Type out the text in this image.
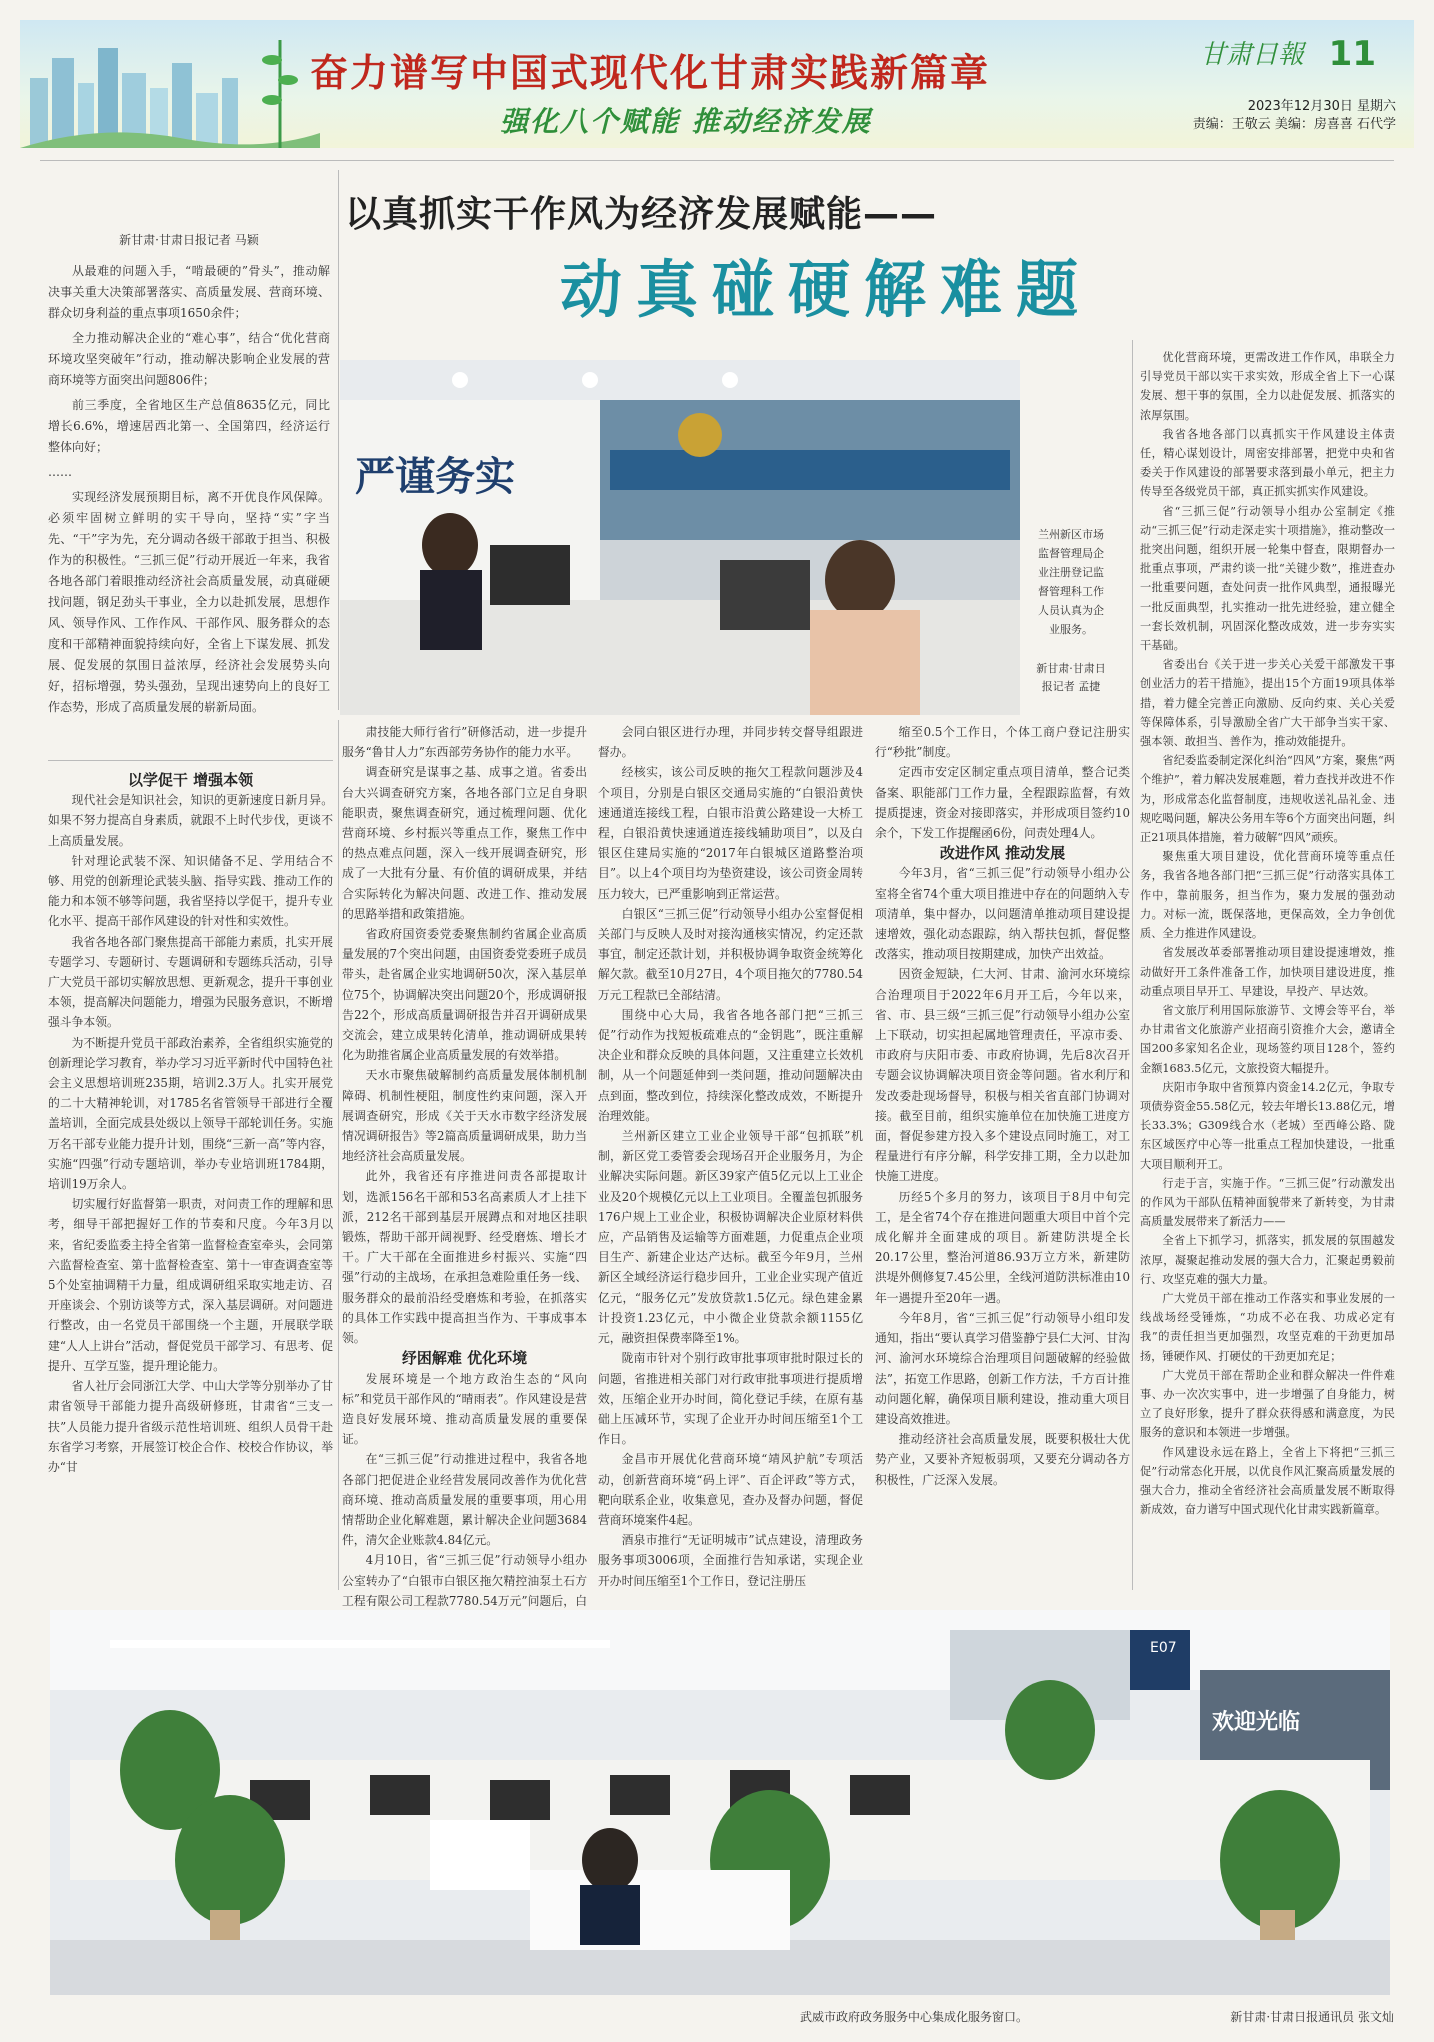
奋力谱写中国式现代化甘肃实践新篇章
强化八个赋能 推动经济发展
甘肃日報 11
2023年12月30日 星期六
责编：王敬云 美编：房喜喜 石代学

新甘肃·甘肃日报记者 马颖

从最难的问题入手，“啃最硬的”骨头”，推动解决事关重大决策部署落实、高质量发展、营商环境、群众切身利益的重点事项1650余件；

全力推动解决企业的“难心事”，结合“优化营商环境攻坚突破年”行动，推动解决影响企业发展的营商环境等方面突出问题806件；

前三季度，全省地区生产总值8635亿元，同比增长6.6%，增速居西北第一、全国第四，经济运行整体向好；

……

实现经济发展预期目标，离不开优良作风保障。必须牢固树立鲜明的实干导向，坚持“实”字当先、“干”字为先，充分调动各级干部敢于担当、积极作为的积极性。“三抓三促”行动开展近一年来，我省各地各部门着眼推动经济社会高质量发展，动真碰硬找问题，钢足劲头干事业，全力以赴抓发展，思想作风、领导作风、工作作风、干部作风、服务群众的态度和干部精神面貌持续向好，全省上下谋发展、抓发展、促发展的氛围日益浓厚，经济社会发展势头向好，招标增强，势头强劲，呈现出速势向上的良好工作态势，形成了高质量发展的崭新局面。

以真抓实干作风为经济发展赋能——
动真碰硬解难题
严谨务实
兰州新区市场监督管理局企业注册登记监督管理科工作人员认真为企业服务。
新甘肃·甘肃日报记者 孟捷

以学促干 增强本领

现代社会是知识社会，知识的更新速度日新月异。如果不努力提高自身素质，就跟不上时代步伐，更谈不上高质量发展。

针对理论武装不深、知识储备不足、学用结合不够、用党的创新理论武装头脑、指导实践、推动工作的能力和本领不够等问题，我省坚持以学促干，提升专业化水平、提高干部作风建设的针对性和实效性。

我省各地各部门聚焦提高干部能力素质，扎实开展专题学习、专题研讨、专题调研和专题练兵活动，引导广大党员干部切实解放思想、更新观念，提升干事创业本领，提高解决问题能力，增强为民服务意识，不断增强斗争本领。

为不断提升党员干部政治素养，全省组织实施党的创新理论学习教育，举办学习习近平新时代中国特色社会主义思想培训班235期，培训2.3万人。扎实开展党的二十大精神轮训，对1785名省管领导干部进行全覆盖培训，全面完成县处级以上领导干部轮训任务。实施万名干部专业能力提升计划，围绕“三新一高”等内容，实施“四强”行动专题培训，举办专业培训班1784期，培训19万余人。

切实履行好监督第一职责，对问责工作的理解和思考，细导干部把握好工作的节奏和尺度。今年3月以来，省纪委监委主持全省第一监督检查室牵头，会同第六监督检查室、第十监督检查室、第十一审查调查室等5个处室抽调精干力量，组成调研组采取实地走访、召开座谈会、个别访谈等方式，深入基层调研。对问题进行整改，由一名党员干部围绕一个主题，开展联学联建“人人上讲台”活动，督促党员干部学习、有思考、促提升、互学互鉴，提升理论能力。

省人社厅会同浙江大学、中山大学等分别举办了甘肃省领导干部能力提升高级研修班，甘肃省“三支一扶”人员能力提升省级示范性培训班、组织人员骨干赴东省学习考察，开展签订校企合作、校校合作协议，举办“甘

肃技能大师行省行”研修活动，进一步提升服务“鲁甘人力”东西部劳务协作的能力水平。

调查研究是谋事之基、成事之道。省委出台大兴调查研究方案，各地各部门立足自身职能职责，聚焦调查研究，通过梳理问题、优化营商环境、乡村振兴等重点工作，聚焦工作中的热点难点问题，深入一线开展调查研究，形成了一大批有分量、有价值的调研成果，并结合实际转化为解决问题、改进工作、推动发展的思路举措和政策措施。

省政府国资委党委聚焦制约省属企业高质量发展的7个突出问题，由国资委党委班子成员带头，赴省属企业实地调研50次，深入基层单位75个，协调解决突出问题20个，形成调研报告22个，形成高质量调研报告并召开调研成果交流会，建立成果转化清单，推动调研成果转化为助推省属企业高质量发展的有效举措。

天水市聚焦破解制约高质量发展体制机制障碍、机制性梗阻，制度性约束问题，深入开展调查研究，形成《关于天水市数字经济发展情况调研报告》等2篇高质量调研成果，助力当地经济社会高质量发展。

此外，我省还有序推进问责各部提取计划，选派156名干部和53名高素质人才上挂下派，212名干部到基层开展蹲点和对地区挂职锻炼，帮助干部开阔视野、经受磨炼、增长才干。广大干部在全面推进乡村振兴、实施“四强”行动的主战场，在承担急难险重任务一线、服务群众的最前沿经受磨炼和考验，在抓落实的具体工作实践中提高担当作为、干事成事本领。

纾困解难 优化环境

发展环境是一个地方政治生态的“风向标”和党员干部作风的“晴雨表”。作风建设是营造良好发展环境、推动高质量发展的重要保证。

在“三抓三促”行动推进过程中，我省各地各部门把促进企业经营发展同改善作为优化营商环境、推动高质量发展的重要事项，用心用情帮助企业化解难题，累计解决企业问题3684件，清欠企业账款4.84亿元。

4月10日，省“三抓三促”行动领导小组办公室转办了“白银市白银区拖欠精控油泵土石方工程有限公司工程款7780.54万元”问题后，白

会同白银区进行办理，并同步转交督导组跟进督办。

经核实，该公司反映的拖欠工程款问题涉及4个项目，分别是白银区交通局实施的“白银沿黄快速通道连接线工程，白银市沿黄公路建设一大桥工程，白银沿黄快速通道连接线辅助项目”，以及白银区住建局实施的“2017年白银城区道路整治项目”。以上4个项目均为垫资建设，该公司资金周转压力较大，已严重影响到正常运营。

白银区“三抓三促”行动领导小组办公室督促相关部门与反映人及时对接沟通核实情况，约定还款事宜，制定还款计划，并积极协调争取资金统筹化解欠款。截至10月27日，4个项目拖欠的7780.54万元工程款已全部结清。

围绕中心大局，我省各地各部门把“三抓三促”行动作为找短板疏难点的“金钥匙”，既注重解决企业和群众反映的具体问题，又注重建立长效机制，从一个问题延伸到一类问题，推动问题解决由点到面，整改到位，持续深化整改成效，不断提升治理效能。

兰州新区建立工业企业领导干部“包抓联”机制，新区党工委管委会现场召开企业服务月，为企业解决实际问题。新区39家产值5亿元以上工业企业及20个规模亿元以上工业项目。全覆盖包抓服务176户规上工业企业，积极协调解决企业原材料供应，产品销售及运输等方面难题，力促重点企业项目生产、新建企业达产达标。截至今年9月，兰州新区全域经济运行稳步回升，工业企业实现产值近亿元，“服务亿元”发放贷款1.5亿元。绿色建金累计投资1.23亿元，中小微企业贷款余额1155亿元，融资担保费率降至1%。

陇南市针对个别行政审批事项审批时限过长的问题，省推进相关部门对行政审批事项进行提质增效，压缩企业开办时间，简化登记手续，在原有基础上压减环节，实现了企业开办时间压缩至1个工作日。

金昌市开展优化营商环境“靖风护航”专项活动，创新营商环境“码上评”、百企评政”等方式，靶向联系企业，收集意见，查办及督办问题，督促营商环境案件4起。

酒泉市推行“无证明城市”试点建设，清理政务服务事项3006项，全面推行告知承诺，实现企业开办时间压缩至1个工作日，登记注册压

缩至0.5个工作日，个体工商户登记注册实行“秒批”制度。

定西市安定区制定重点项目清单，整合记类备案、职能部门工作力量，全程跟踪监督，有效提质提速，资金对接即落实，并形成项目签约10余个，下发工作提醒函6份，问责处理4人。

改进作风 推动发展

今年3月，省“三抓三促”行动领导小组办公室将全省74个重大项目推进中存在的问题纳入专项清单，集中督办，以问题清单推动项目建设提速增效，强化动态跟踪，纳入帮扶包抓，督促整改落实，推动项目按期建成，加快产出效益。

因资金短缺，仁大河、甘肃、渝河水环境综合治理项目于2022年6月开工后，今年以来，省、市、县三级“三抓三促”行动领导小组办公室上下联动，切实担起属地管理责任，平凉市委、市政府与庆阳市委、市政府协调，先后8次召开专题会议协调解决项目资金等问题。省水利厅和发改委赴现场督导，积极与相关省直部门协调对接。截至目前，组织实施单位在加快施工进度方面，督促参建方投入多个建设点同时施工，对工程量进行有序分解，科学安排工期，全力以赴加快施工进度。

历经5个多月的努力，该项目于8月中旬完工，是全省74个存在推进问题重大项目中首个完成化解并全面建成的项目。新建防洪堤全长20.17公里，整治河道86.93万立方米，新建防洪堤外侧修复7.45公里，全线河道防洪标准由10年一遇提升至20年一遇。

今年8月，省“三抓三促”行动领导小组印发通知，指出“要认真学习借鉴静宁县仁大河、甘沟河、渝河水环境综合治理项目问题破解的经验做法”，拓宽工作思路，创新工作方法，千方百计推动问题化解，确保项目顺利建设，推动重大项目建设高效推进。

推动经济社会高质量发展，既要积极壮大优势产业，又要补齐短板弱项，又要充分调动各方积极性，广泛深入发展。

优化营商环境，更需改进工作作风，串联全力引导党员干部以实干求实效，形成全省上下一心谋发展、想干事的氛围，全力以赴促发展、抓落实的浓厚氛围。

我省各地各部门以真抓实干作风建设主体责任，精心谋划设计，周密安排部署，把党中央和省委关于作风建设的部署要求落到最小单元，把主力传导至各级党员干部，真正抓实抓实作风建设。

省“三抓三促”行动领导小组办公室制定《推动“三抓三促”行动走深走实十项措施》，推动整改一批突出问题，组织开展一轮集中督查，限期督办一批重点事项，严肃约谈一批“关键少数”，推进查办一批重要问题，查处问责一批作风典型，通报曝光一批反面典型，扎实推动一批先进经验，建立健全一套长效机制，巩固深化整改成效，进一步夯实实干基础。

省委出台《关于进一步关心关爱干部激发干事创业活力的若干措施》，提出15个方面19项具体举措，着力健全完善正向激励、反向约束、关心关爱等保障体系，引导激励全省广大干部争当实干家、强本领、敢担当、善作为，推动效能提升。

省纪委监委制定深化纠治“四风”方案，聚焦“两个维护”，着力解决发展难题，着力查找并改进不作为，形成常态化监督制度，违规收送礼品礼金、违规吃喝问题，解决公务用车等6个方面突出问题，纠正21项具体措施，着力破解“四风”顽疾。

聚焦重大项目建设，优化营商环境等重点任务，我省各地各部门把“三抓三促”行动落实具体工作中，靠前服务，担当作为，聚力发展的强劲动力。对标一流，既保落地，更保高效，全力争创优质、全力推进作风建设。

省发展改革委部署推动项目建设提速增效，推动做好开工条件准备工作，加快项目建设进度，推动重点项目早开工、早建设，早投产、早达效。

省文旅厅利用国际旅游节、文博会等平台，举办甘肃省文化旅游产业招商引资推介大会，邀请全国200多家知名企业，现场签约项目128个，签约金额1683.5亿元，文旅投资大幅提升。

庆阳市争取中省预算内资金14.2亿元，争取专项债券资金55.58亿元，较去年增长13.88亿元，增长33.3%；G309线合水（老城）至西峰公路、陇东区域医疗中心等一批重点工程加快建设，一批重大项目顺利开工。

行走于言，实施于作。“三抓三促”行动激发出的作风为干部队伍精神面貌带来了新转变，为甘肃高质量发展带来了新活力——

全省上下抓学习，抓落实，抓发展的氛围越发浓厚，凝聚起推动发展的强大合力，汇聚起勇毅前行、攻坚克难的强大力量。

广大党员干部在推动工作落实和事业发展的一线战场经受锤炼，“功成不必在我、功成必定有我”的责任担当更加强烈，攻坚克难的干劲更加昂扬，锤硬作风、打硬仗的干劲更加充足；

广大党员干部在帮助企业和群众解决一件件难事、办一次次实事中，进一步增强了自身能力，树立了良好形象，提升了群众获得感和满意度，为民服务的意识和本领进一步增强。

作风建设永远在路上，全省上下将把“三抓三促”行动常态化开展，以优良作风汇聚高质量发展的强大合力，推动全省经济社会高质量发展不断取得新成效，奋力谱写中国式现代化甘肃实践新篇章。

E07
欢迎光临
武威市政府政务服务中心集成化服务窗口。	新甘肃·甘肃日报通讯员 张文灿
